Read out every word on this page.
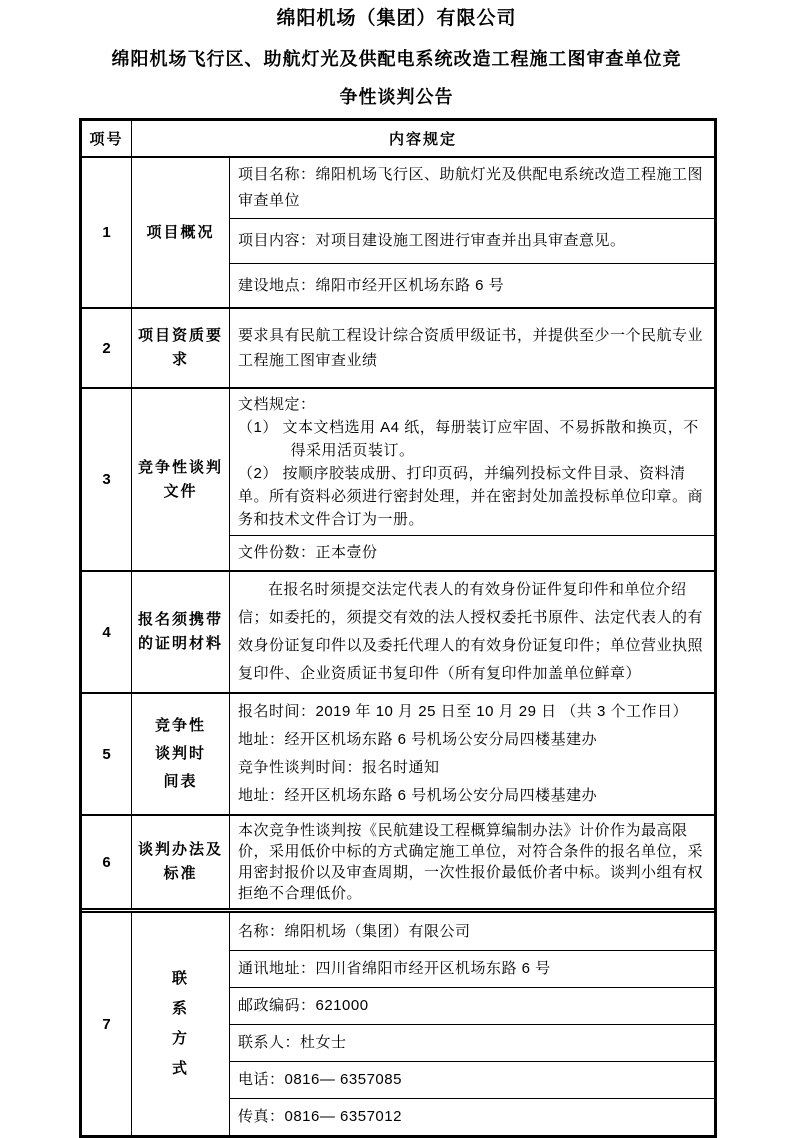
绵阳机场（集团）有限公司
绵阳机场飞行区、助航灯光及供配电系统改造工程施工图审查单位竞
争性谈判公告
项号	内容规定
1	项目概况
项目名称：绵阳机场飞行区、助航灯光及供配电系统改造工程施工图审查单位
项目内容：对项目建设施工图进行审查并出具审查意见。
建设地点：绵阳市经开区机场东路 6 号
2
项目资质要
求
要求具有民航工程设计综合资质甲级证书，并提供至少一个民航专业工程施工图审查业绩
3
竞争性谈判
文件
文档规定：
（1） 文本文档选用 A4 纸，每册装订应牢固、不易拆散和换页，不得采用活页装订。
（2） 按顺序胶装成册、打印页码，并编列投标文件目录、资料清单。所有资料必须进行密封处理，并在密封处加盖投标单位印章。商务和技术文件合订为一册。
文件份数：正本壹份
4
报名须携带
的证明材料
在报名时须提交法定代表人的有效身份证件复印件和单位介绍信；如委托的，须提交有效的法人授权委托书原件、法定代表人的有效身份证复印件以及委托代理人的有效身份证复印件；单位营业执照复印件、企业资质证书复印件（所有复印件加盖单位鲜章）
5
竞争性
谈判时
间表
报名时间：2019 年 10 月 25 日至 10 月 29 日 （共 3 个工作日）
地址：经开区机场东路 6 号机场公安分局四楼基建办
竞争性谈判时间：报名时通知
地址：经开区机场东路 6 号机场公安分局四楼基建办
6
谈判办法及
标准
本次竞争性谈判按《民航建设工程概算编制办法》计价作为最高限价，采用低价中标的方式确定施工单位，对符合条件的报名单位，采用密封报价以及审查周期，一次性报价最低价者中标。谈判小组有权拒绝不合理低价。
7
联
系
方
式
名称：绵阳机场（集团）有限公司
通讯地址：四川省绵阳市经开区机场东路 6 号
邮政编码：621000
联系人：杜女士
电话：0816— 6357085
传真：0816— 6357012
